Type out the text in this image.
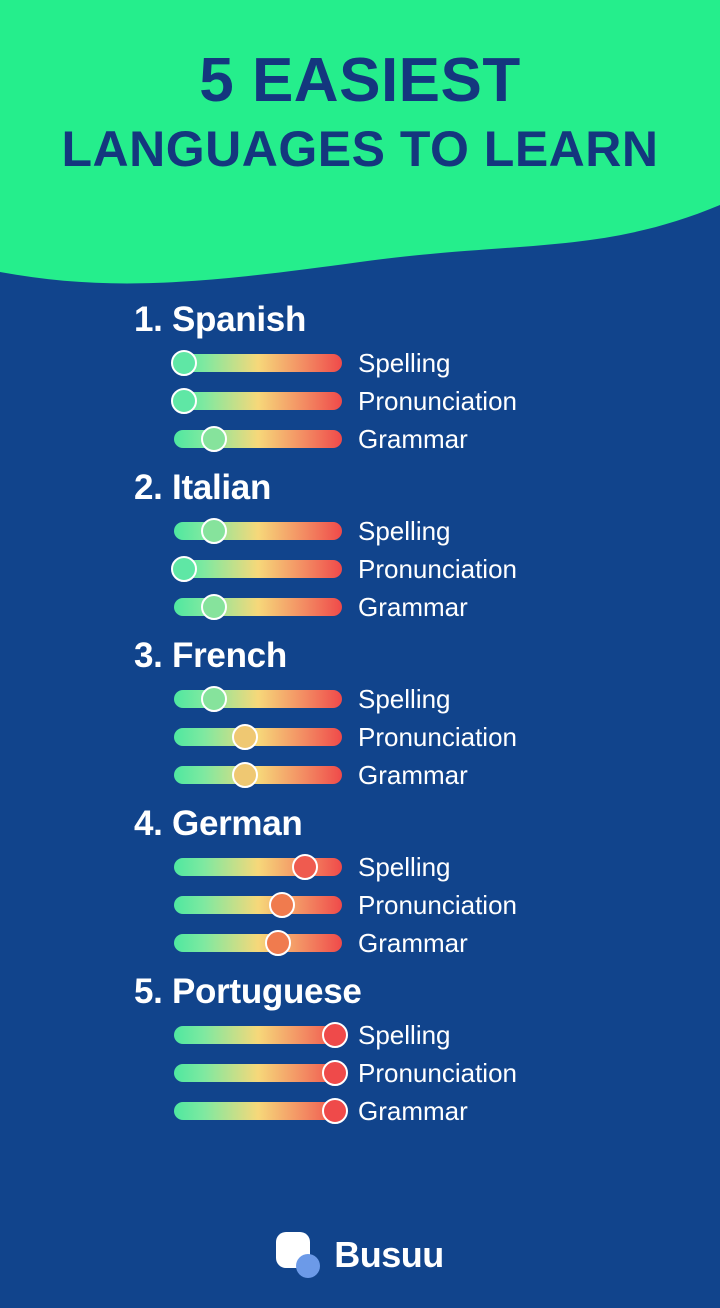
5 EASIEST
LANGUAGES TO LEARN
1. Spanish
Spelling
Pronunciation
Grammar
2. Italian
Spelling
Pronunciation
Grammar
3. French
Spelling
Pronunciation
Grammar
4. German
Spelling
Pronunciation
Grammar
5. Portuguese
Spelling
Pronunciation
Grammar
Busuu
